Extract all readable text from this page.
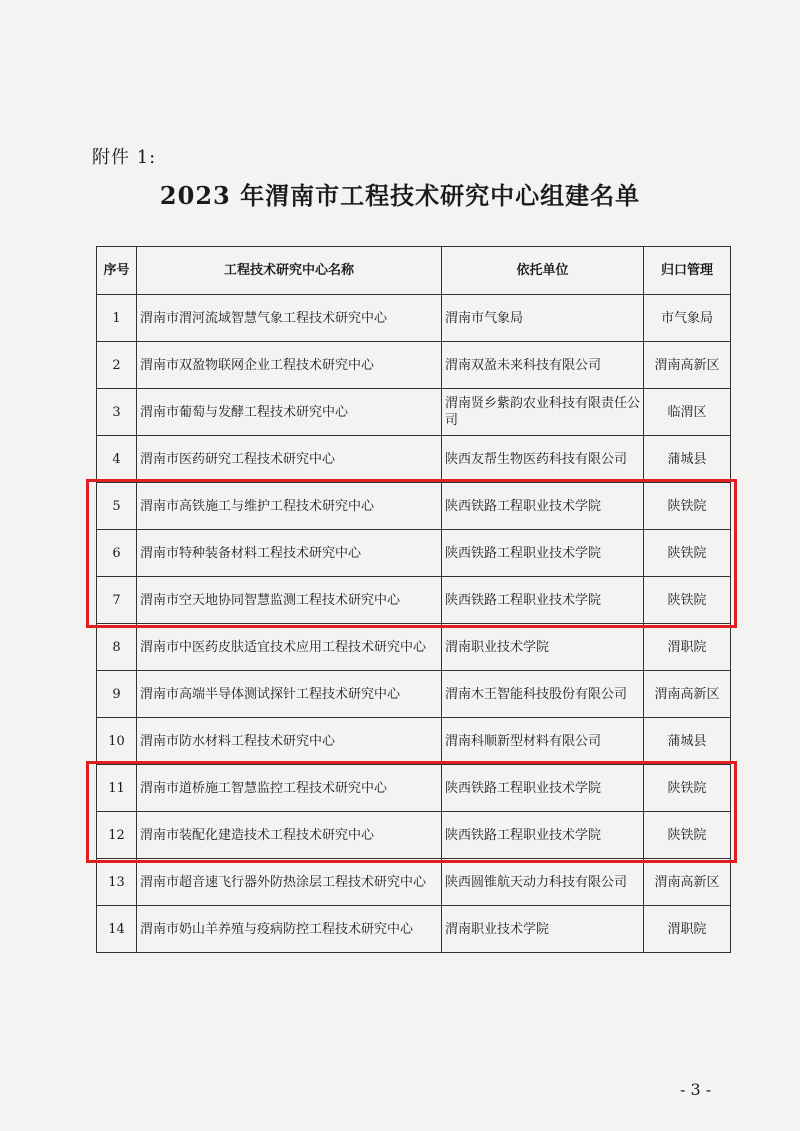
附件 1:
2023 年渭南市工程技术研究中心组建名单
序号	工程技术研究中心名称	依托单位	归口管理
1	渭南市渭河流域智慧气象工程技术研究中心	渭南市气象局	市气象局
2	渭南市双盈物联网企业工程技术研究中心	渭南双盈未来科技有限公司	渭南高新区
3	渭南市葡萄与发酵工程技术研究中心	渭南贤乡紫韵农业科技有限责任公司	临渭区
4	渭南市医药研究工程技术研究中心	陕西友帮生物医药科技有限公司	蒲城县
5	渭南市高铁施工与维护工程技术研究中心	陕西铁路工程职业技术学院	陕铁院
6	渭南市特种装备材料工程技术研究中心	陕西铁路工程职业技术学院	陕铁院
7	渭南市空天地协同智慧监测工程技术研究中心	陕西铁路工程职业技术学院	陕铁院
8	渭南市中医药皮肤适宜技术应用工程技术研究中心	渭南职业技术学院	渭职院
9	渭南市高端半导体测试探针工程技术研究中心	渭南木王智能科技股份有限公司	渭南高新区
10	渭南市防水材料工程技术研究中心	渭南科顺新型材料有限公司	蒲城县
11	渭南市道桥施工智慧监控工程技术研究中心	陕西铁路工程职业技术学院	陕铁院
12	渭南市装配化建造技术工程技术研究中心	陕西铁路工程职业技术学院	陕铁院
13	渭南市超音速飞行器外防热涂层工程技术研究中心	陕西圆锥航天动力科技有限公司	渭南高新区
14	渭南市奶山羊养殖与疫病防控工程技术研究中心	渭南职业技术学院	渭职院
- 3 -
